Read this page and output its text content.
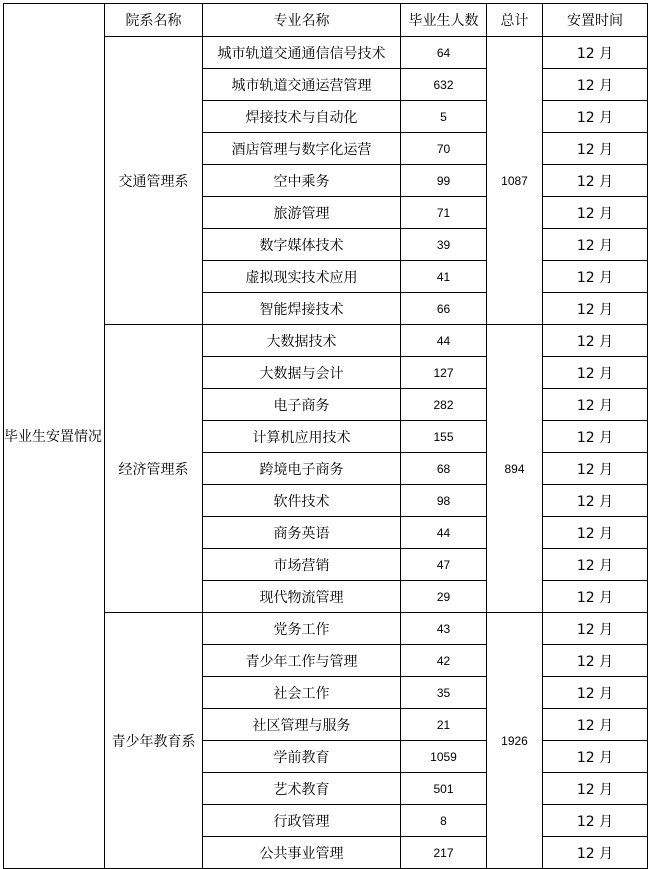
毕业生安置情况	院系名称	专业名称	毕业生人数	总计	安置时间
	交通管理系	城市轨道交通通信信号技术	64	1087	12 月
		城市轨道交通运营管理	632		12 月
		焊接技术与自动化	5		12 月
		酒店管理与数字化运营	70		12 月
		空中乘务	99		12 月
		旅游管理	71		12 月
		数字媒体技术	39		12 月
		虚拟现实技术应用	41		12 月
		智能焊接技术	66		12 月
	经济管理系	大数据技术	44	894	12 月
		大数据与会计	127		12 月
		电子商务	282		12 月
		计算机应用技术	155		12 月
		跨境电子商务	68		12 月
		软件技术	98		12 月
		商务英语	44		12 月
		市场营销	47		12 月
		现代物流管理	29		12 月
	青少年教育系	党务工作	43	1926	12 月
		青少年工作与管理	42		12 月
		社会工作	35		12 月
		社区管理与服务	21		12 月
		学前教育	1059		12 月
		艺术教育	501		12 月
		行政管理	8		12 月
		公共事业管理	217		12 月
